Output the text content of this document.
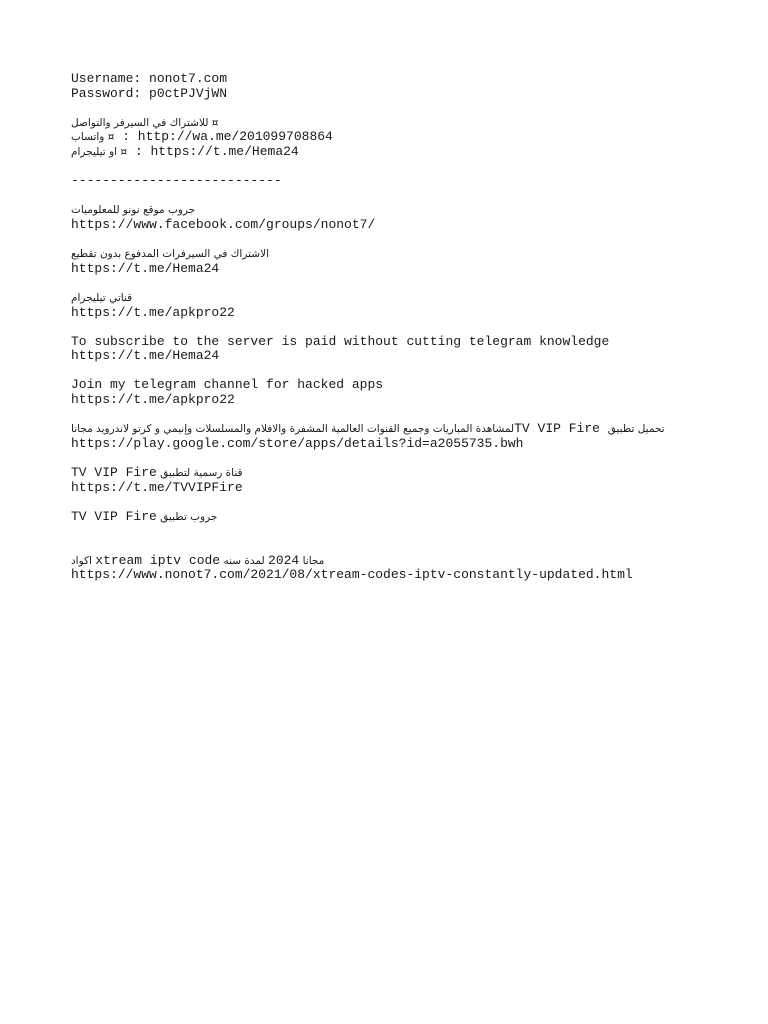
Username: nonot7.com
Password: p0ctPJVjWN
¤ للاشتراك في السيرفر والتواصل
واتساب ¤ : http://wa.me/201099708864
او تيليجرام ¤ : https://t.me/Hema24
---------------------------
جروب موقع نونو للمعلوميات
https://www.facebook.com/groups/nonot7/
الاشتراك في السيرفرات المدفوع بدون تقطيع
https://t.me/Hema24
قناتي تيليجرام
https://t.me/apkpro22
To subscribe to the server is paid without cutting telegram knowledge
https://t.me/Hema24
Join my telegram channel for hacked apps
https://t.me/apkpro22
لمشاهدة المباريات وجميع القنوات العالمية المشفرة والافلام والمسلسلات وإنيمي و كرتو لاندرويد مجاناTV VIP Fire تحميل تطبيق
https://play.google.com/store/apps/details?id=a2055735.bwh
TV VIP Fire قناة رسمية لتطبيق
https://t.me/TVVIPFire
TV VIP Fire جروب تطبيق
اكواد xtream iptv code مجانا 2024 لمدة سنه
https://www.nonot7.com/2021/08/xtream-codes-iptv-constantly-updated.html
